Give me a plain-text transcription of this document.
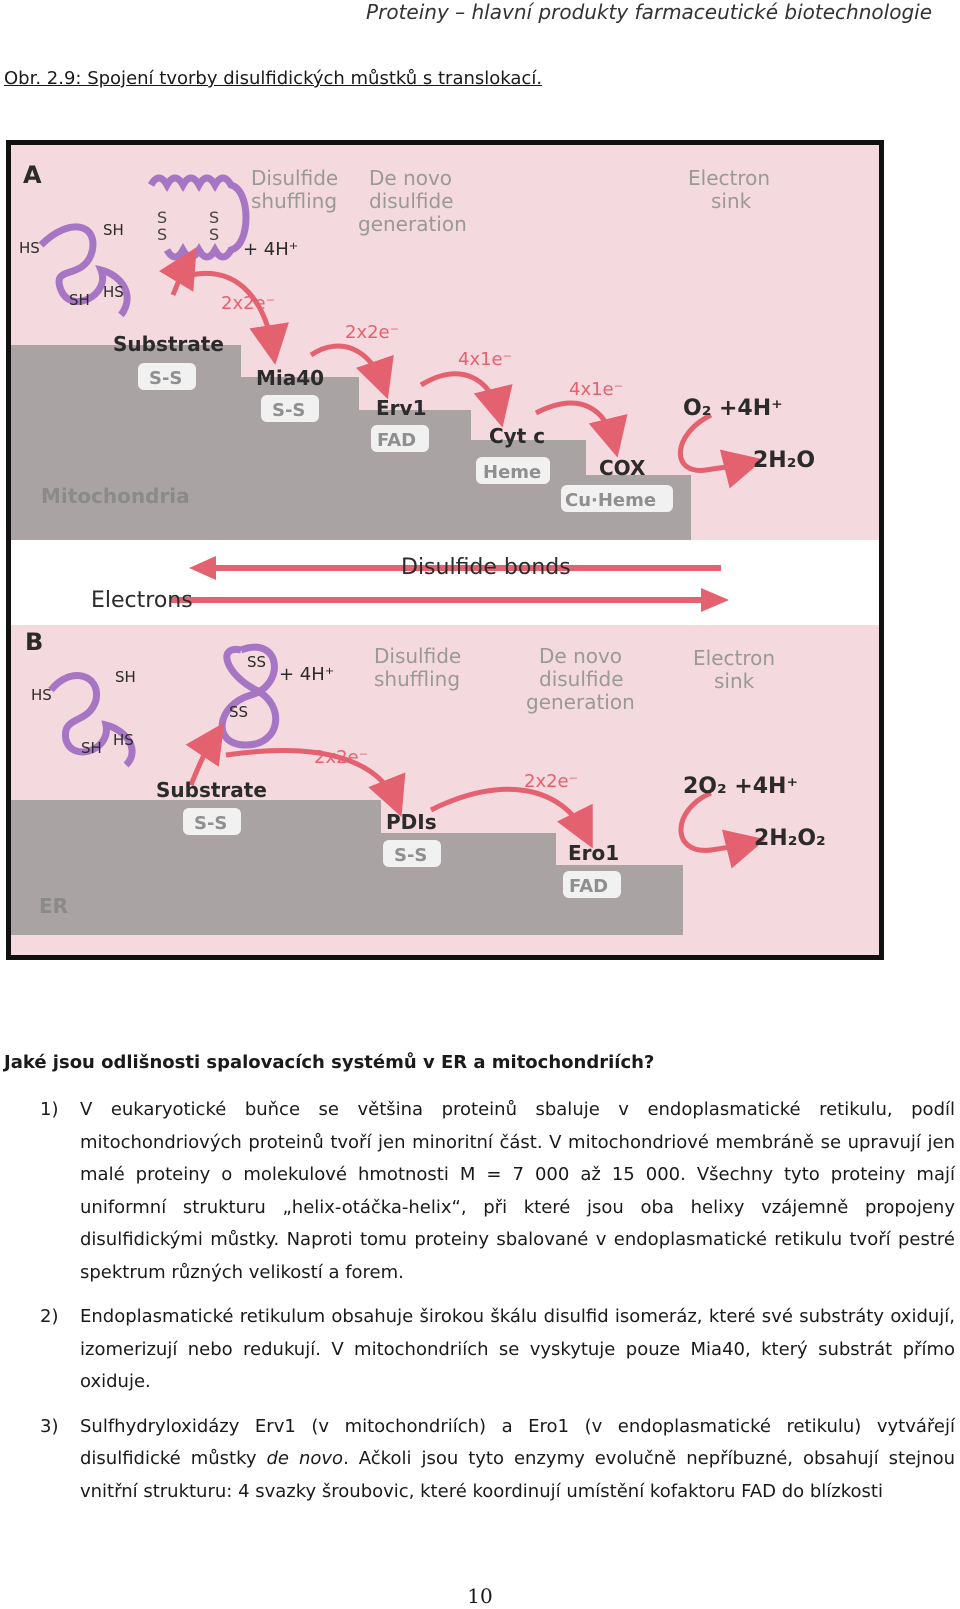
Proteiny – hlavní produkty farmaceutické biotechnologie
Obr. 2.9: Spojení tvorby disulfidických můstků s translokací.
Disulfide bonds
Electrons
A	Disulfide
shuffling
De novo
disulfide
generation
Electron
sink
HS
SH
SH HS
S
S
S
S
+ 4H⁺
2x2e⁻
2x2e⁻
4x1e⁻
4x1e⁻
Substrate
S-S	Mia40
S-S	Erv1
FAD	Cyt c
Heme	COX
Cu·Heme
O₂ +4H⁺
2H₂O
Mitochondria
B	Disulfide
shuffling
De novo
disulfide
generation
Electron
sink
HS
SH
SH HS
SS
SS
+ 4H⁺
2x2e⁻
2x2e⁻
Substrate
S-S	PDIs
S-S	Ero1
FAD
2O₂ +4H⁺
2H₂O₂
ER
Jaké jsou odlišnosti spalovacích systémů v ER a mitochondriích?
1) V eukaryotické buňce se většina proteinů sbaluje v endoplasmatické retikulu, podíl mitochondriových proteinů tvoří jen minoritní část. V mitochondriové membráně se upravují jen malé proteiny o molekulové hmotnosti M = 7 000 až 15 000. Všechny tyto proteiny mají uniformní strukturu „helix-otáčka-helix“, při které jsou oba helixy vzájemně propojeny disulfidickými můstky. Naproti tomu proteiny sbalované v endoplasmatické retikulu tvoří pestré spektrum různých velikostí a forem.
2) Endoplasmatické retikulum obsahuje širokou škálu disulfid isomeráz, které své substráty oxidují, izomerizují nebo redukují. V mitochondriích se vyskytuje pouze Mia40, který substrát přímo oxiduje.
3) Sulfhydryloxidázy Erv1 (v mitochondriích) a Ero1 (v endoplasmatické retikulu) vytvářejí disulfidické můstky de novo. Ačkoli jsou tyto enzymy evolučně nepříbuzné, obsahují stejnou vnitřní strukturu: 4 svazky šroubovic, které koordinují umístění kofaktoru FAD do blízkosti
10
